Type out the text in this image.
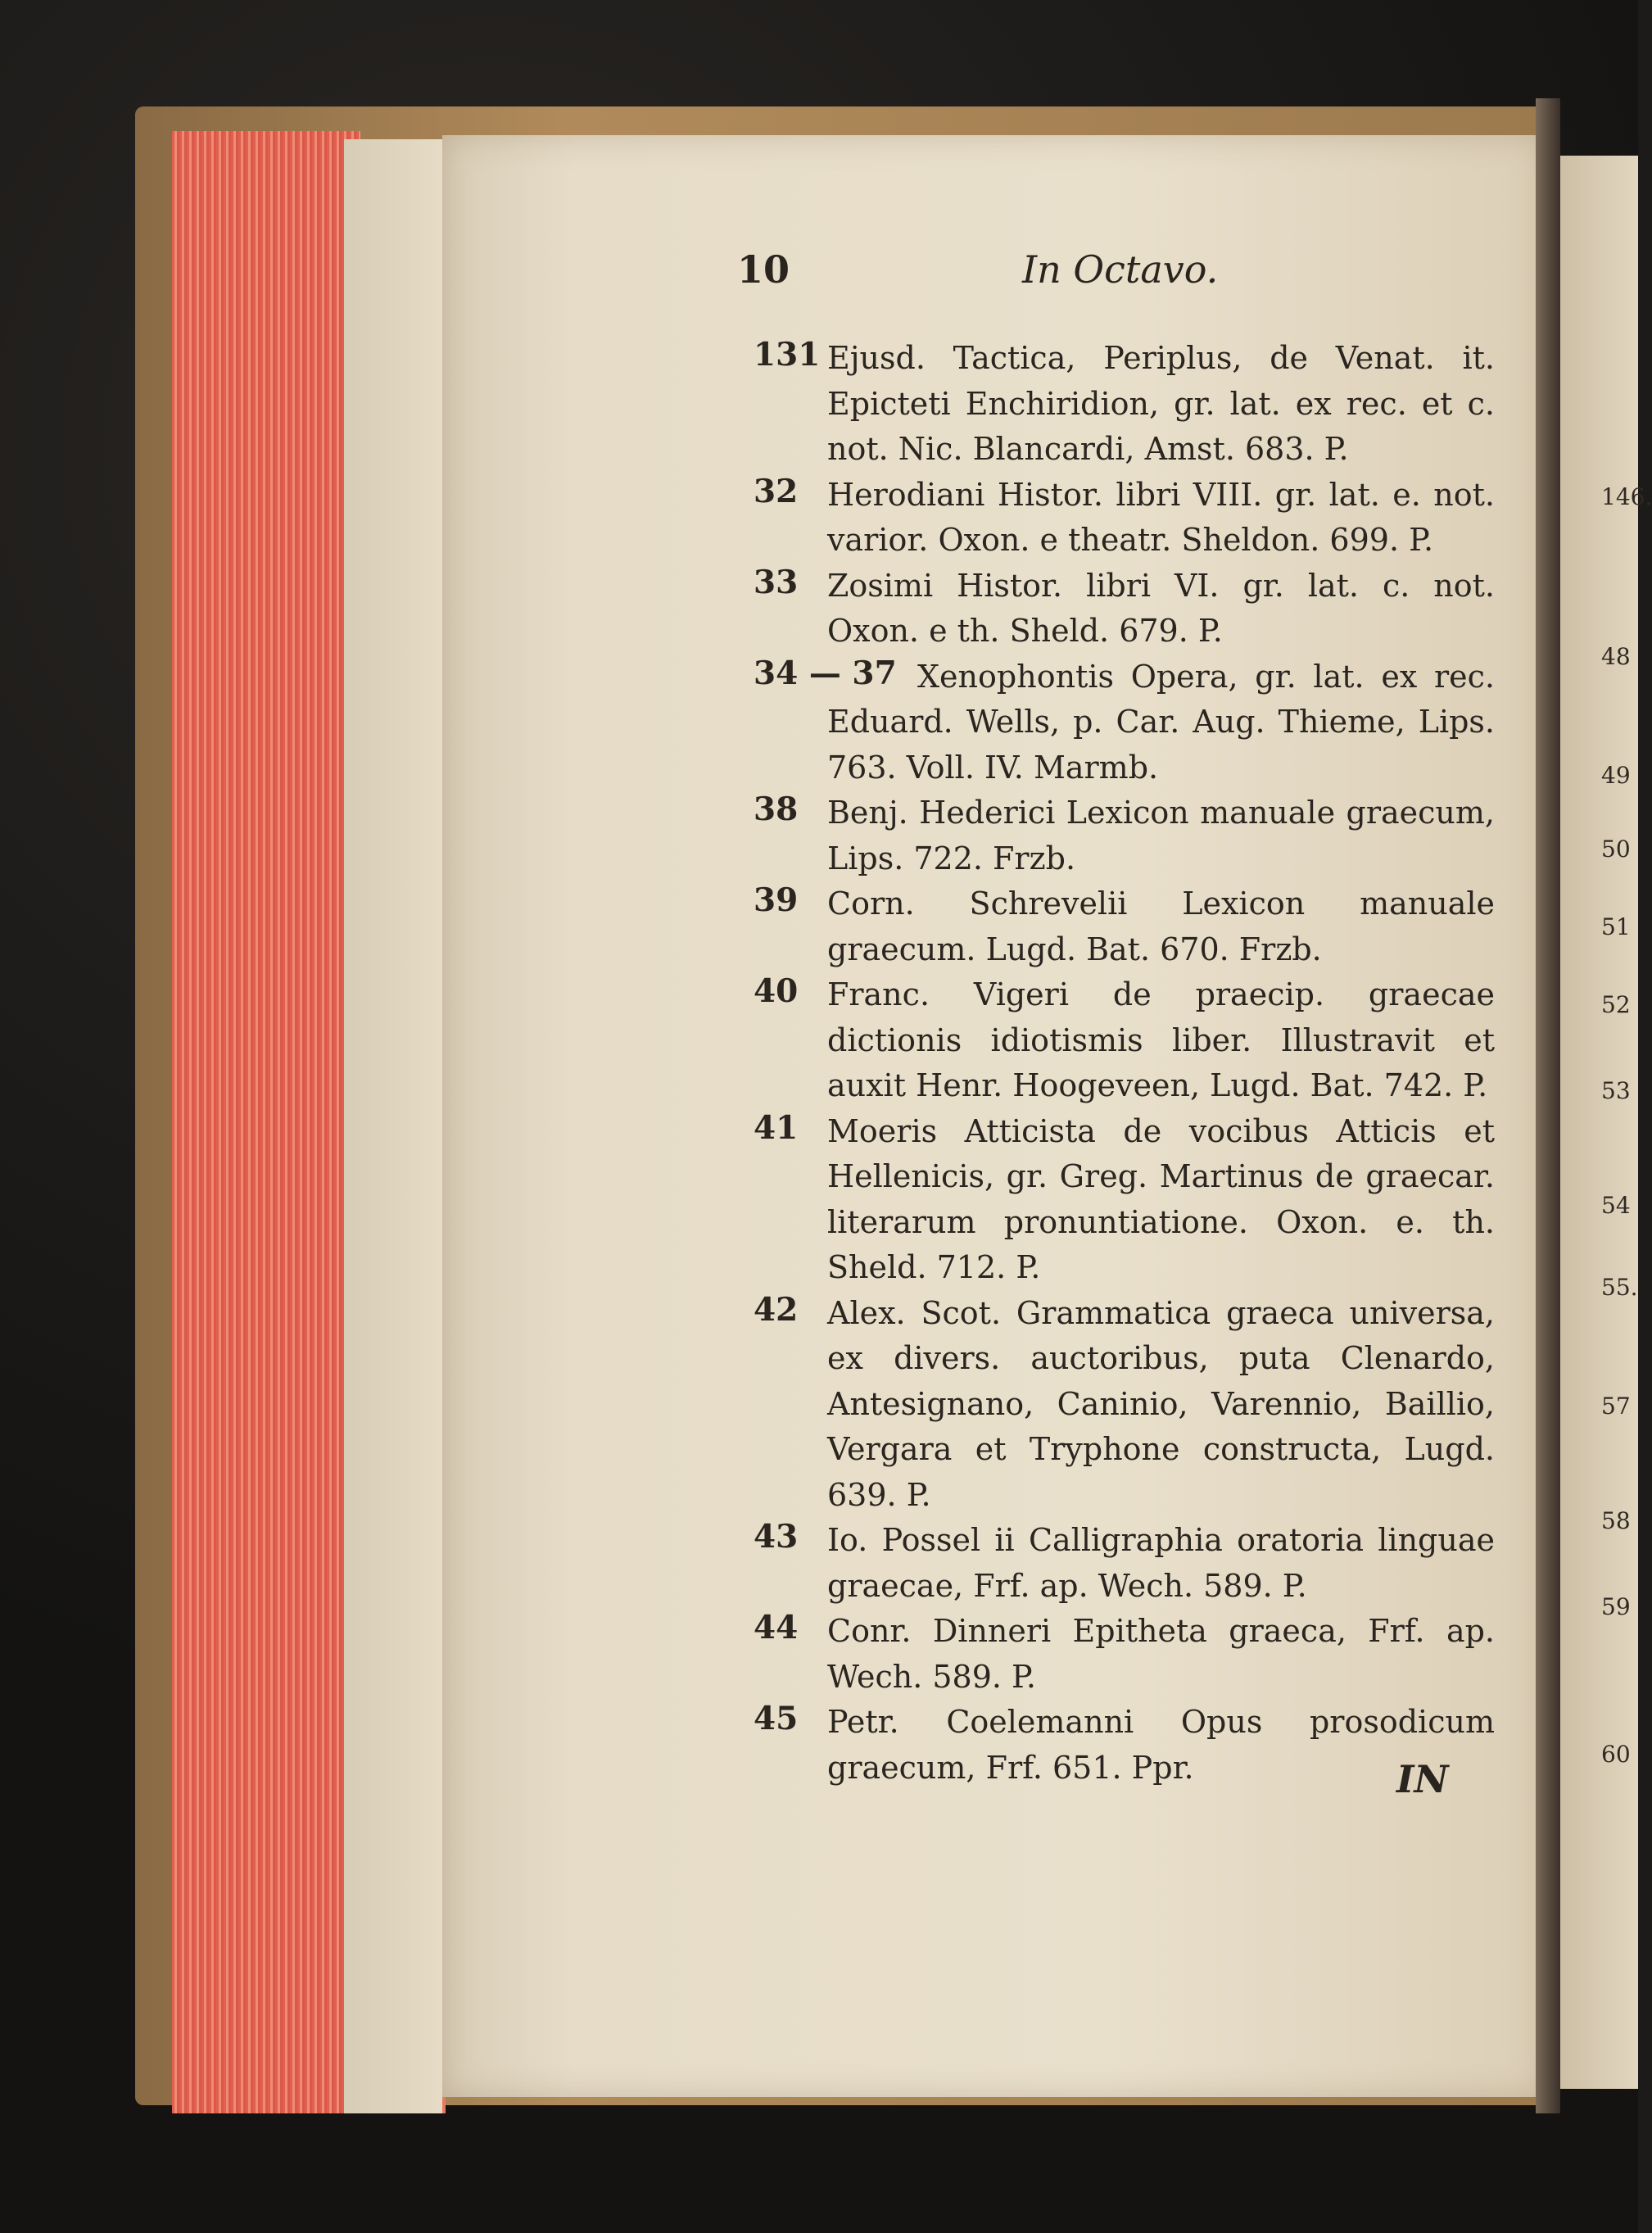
10	In Octavo.
131 Ejusd. Tactica, Periplus, de Venat. it. Epicteti Enchiridion, gr. lat. ex rec. et c. not. Nic. Blancardi, Amst. 683. P.
32 Herodiani Histor. libri VIII. gr. lat. e. not. varior. Oxon. e theatr. Sheldon. 699. P.
33 Zosimi Histor. libri VI. gr. lat. c. not. Oxon. e th. Sheld. 679. P.
34 — 37 Xenophontis Opera, gr. lat. ex rec. Eduard. Wells, p. Car. Aug. Thieme, Lips. 763. Voll. IV. Marmb.
38 Benj. Hederici Lexicon manuale graecum, Lips. 722. Frzb.
39 Corn. Schrevelii Lexicon manuale graecum. Lugd. Bat. 670. Frzb.
40 Franc. Vigeri de praecip. graecae dictionis idiotismis liber. Illustravit et auxit Henr. Hoogeveen, Lugd. Bat. 742. P.
41 Moeris Atticista de vocibus Atticis et Hellenicis, gr. Greg. Martinus de graecar. literarum pronuntiatione. Oxon. e. th. Sheld. 712. P.
42 Alex. Scot. Grammatica graeca universa, ex divers. auctoribus, puta Clenardo, Antesignano, Caninio, Varennio, Baillio, Vergara et Tryphone constructa, Lugd. 639. P.
43 Io. Possel ii Calligraphia oratoria linguae graecae, Frf. ap. Wech. 589. P.
44 Conr. Dinneri Epitheta graeca, Frf. ap. Wech. 589. P.
45 Petr. Coelemanni Opus prosodicum graecum, Frf. 651. Ppr.	IN
146.
48
49
50
51
52
53
54
55.
57
58
59
60
